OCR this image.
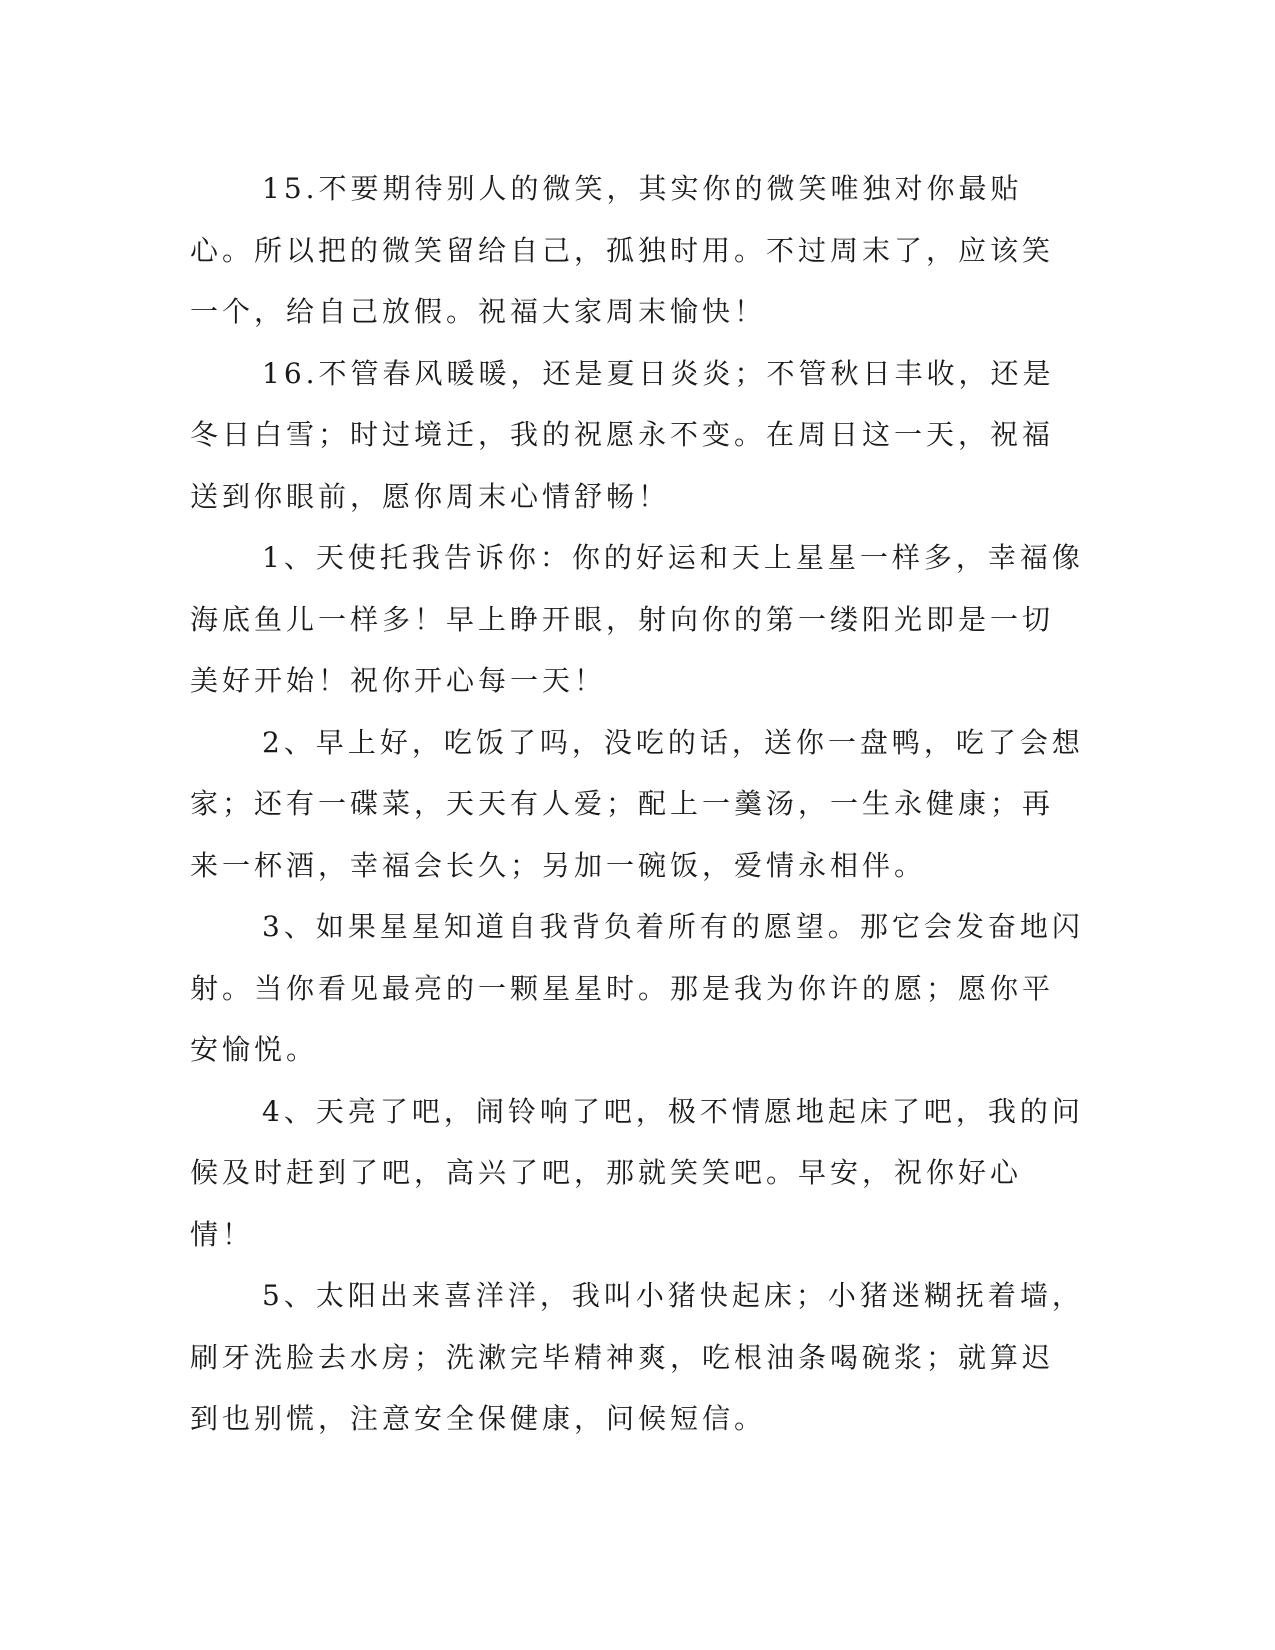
15.不要期待别人的微笑，其实你的微笑唯独对你最贴心。所以把的微笑留给自己，孤独时用。不过周末了，应该笑一个，给自己放假。祝福大家周末愉快！

16.不管春风暖暖，还是夏日炎炎；不管秋日丰收，还是冬日白雪；时过境迁，我的祝愿永不变。在周日这一天，祝福送到你眼前，愿你周末心情舒畅！

1、天使托我告诉你：你的好运和天上星星一样多，幸福像海底鱼儿一样多！早上睁开眼，射向你的第一缕阳光即是一切美好开始！祝你开心每一天！

2、早上好，吃饭了吗，没吃的话，送你一盘鸭，吃了会想家；还有一碟菜，天天有人爱；配上一羹汤，一生永健康；再来一杯酒，幸福会长久；另加一碗饭，爱情永相伴。

3、如果星星知道自我背负着所有的愿望。那它会发奋地闪射。当你看见最亮的一颗星星时。那是我为你许的愿；愿你平安愉悦。

4、天亮了吧，闹铃响了吧，极不情愿地起床了吧，我的问候及时赶到了吧，高兴了吧，那就笑笑吧。早安，祝你好心情！

5、太阳出来喜洋洋，我叫小猪快起床；小猪迷糊抚着墙，刷牙洗脸去水房；洗漱完毕精神爽，吃根油条喝碗浆；就算迟到也别慌，注意安全保健康，问候短信。
